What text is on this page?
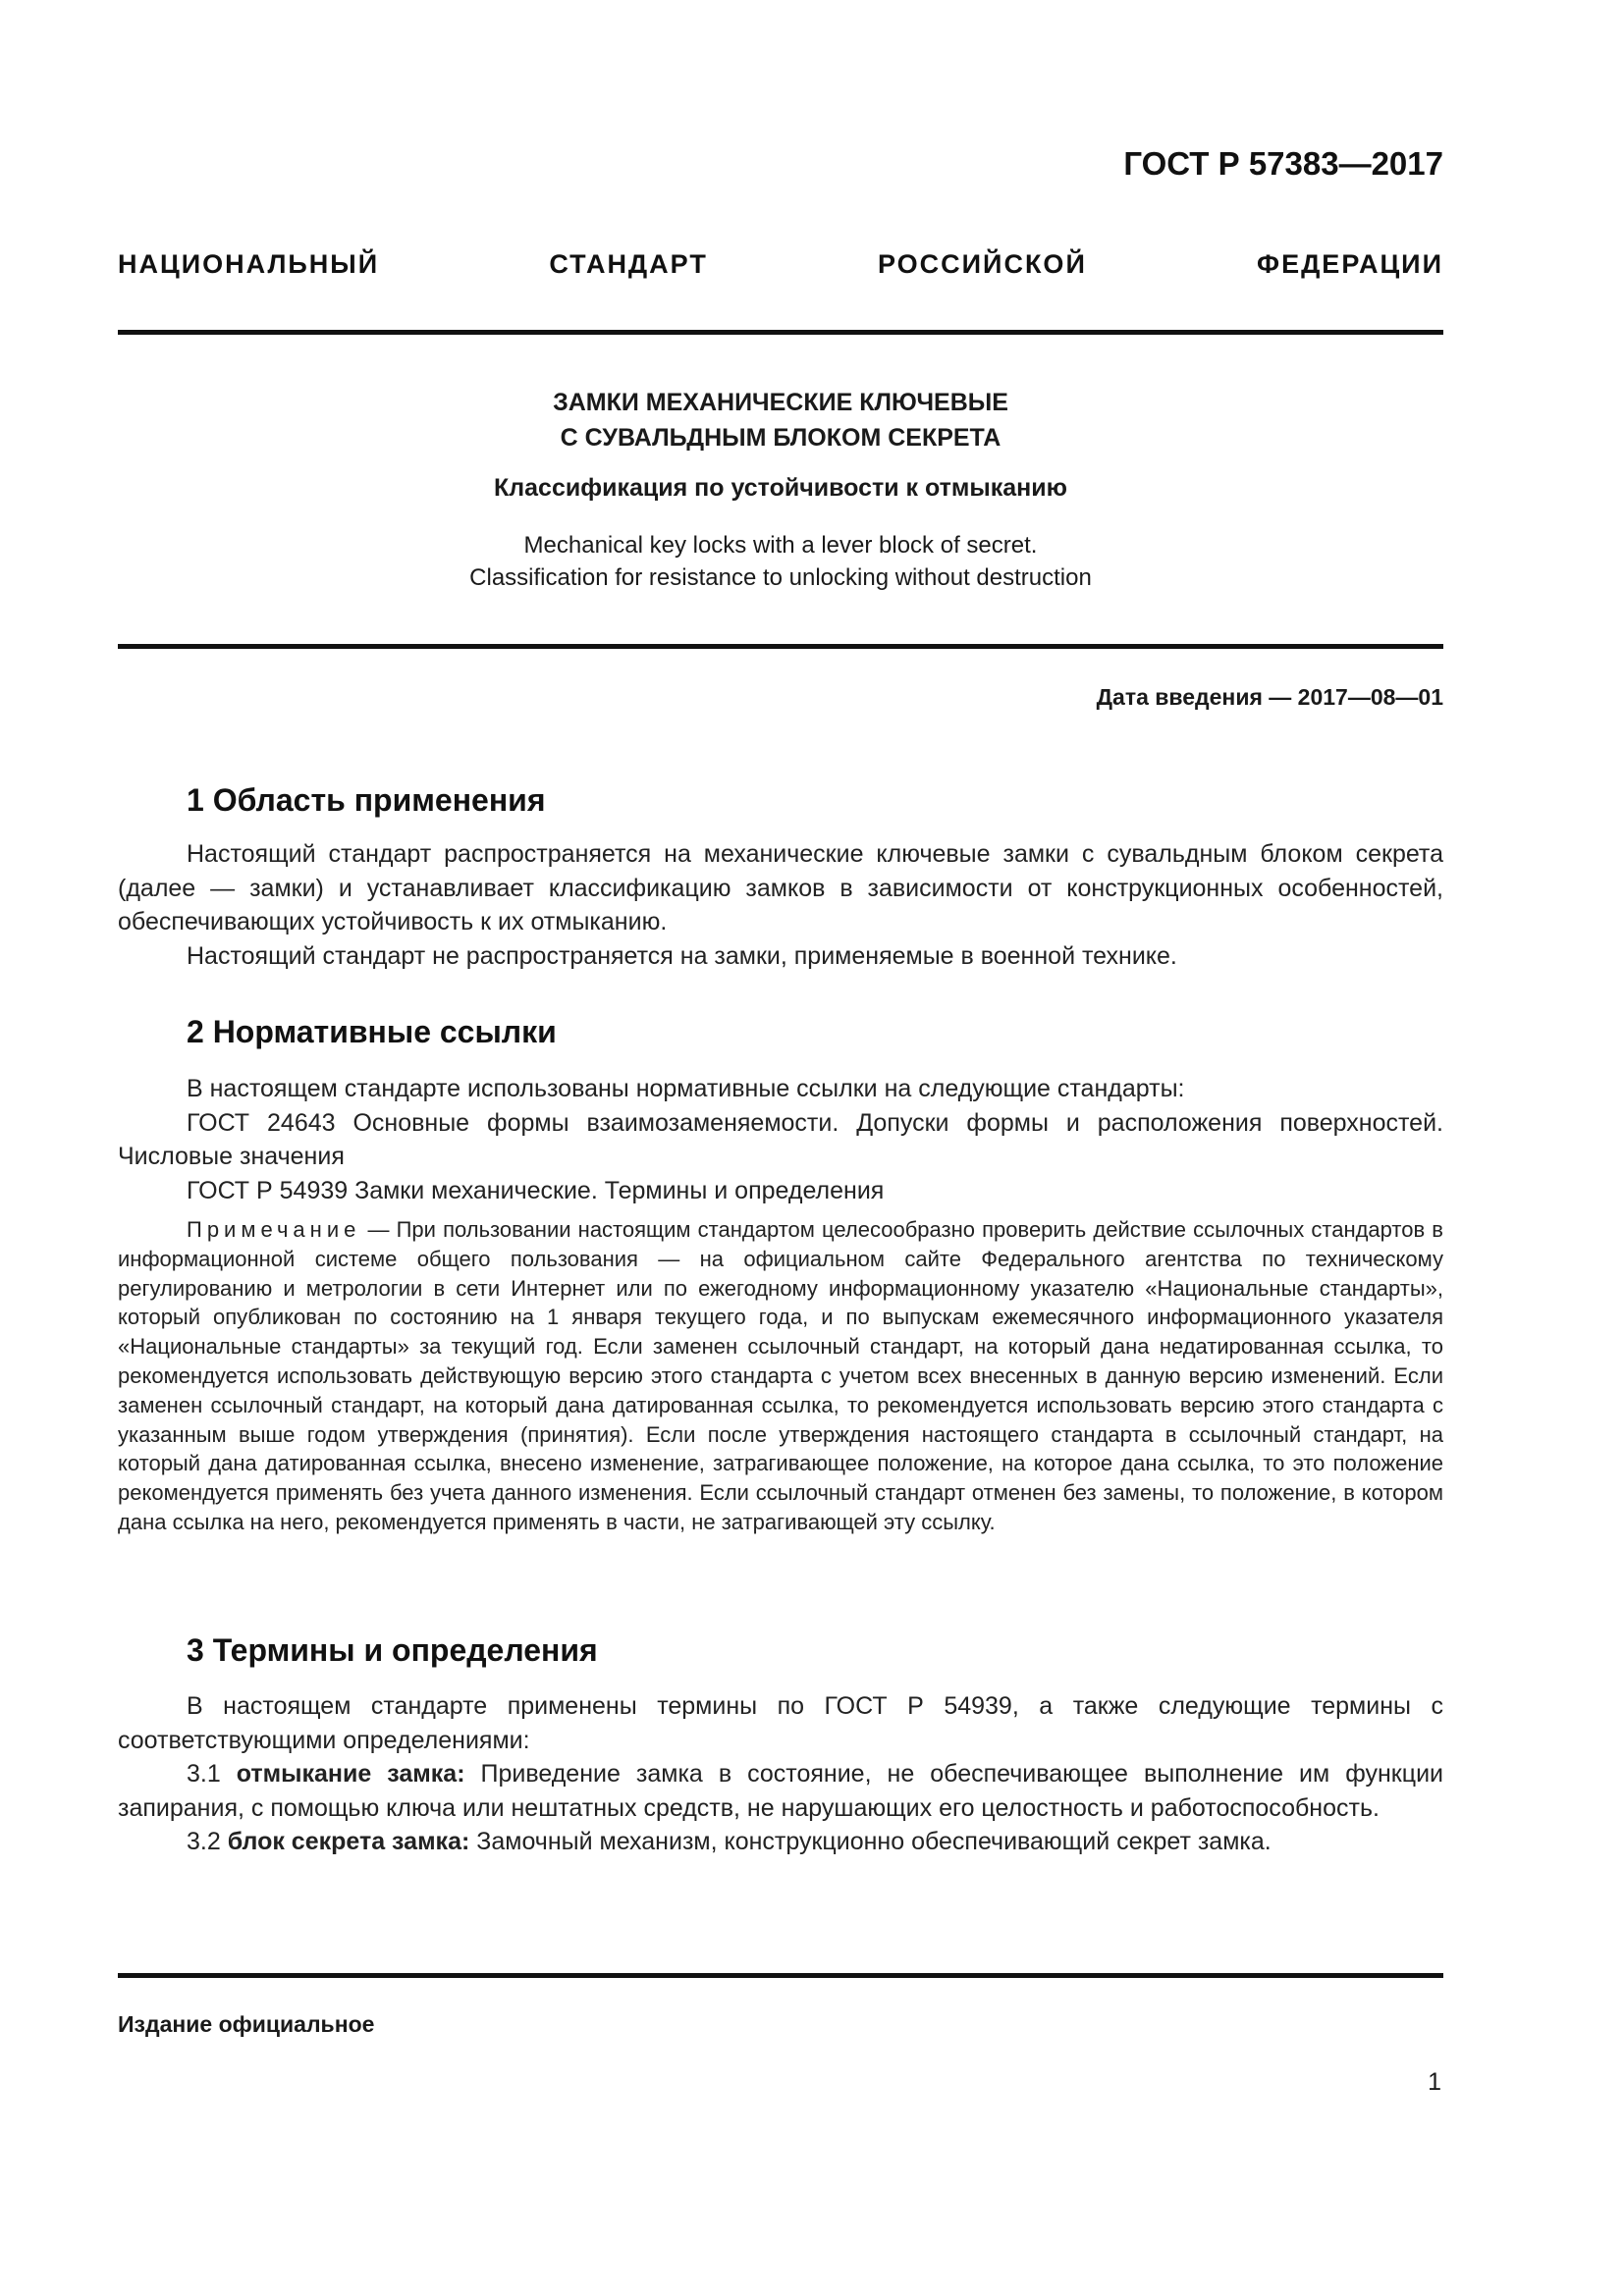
ГОСТ Р 57383—2017
НАЦИОНАЛЬНЫЙ СТАНДАРТ РОССИЙСКОЙ ФЕДЕРАЦИИ
ЗАМКИ МЕХАНИЧЕСКИЕ КЛЮЧЕВЫЕ
С СУВАЛЬДНЫМ БЛОКОМ СЕКРЕТА
Классификация по устойчивости к отмыканию
Mechanical key locks with a lever block of secret.
Classification for resistance to unlocking without destruction
Дата введения — 2017—08—01
1 Область применения

Настоящий стандарт распространяется на механические ключевые замки с сувальдным блоком секрета (далее — замки) и устанавливает классификацию замков в зависимости от конструкционных особенностей, обеспечивающих устойчивость к их отмыканию.

Настоящий стандарт не распространяется на замки, применяемые в военной технике.

2 Нормативные ссылки

В настоящем стандарте использованы нормативные ссылки на следующие стандарты:

ГОСТ 24643 Основные формы взаимозаменяемости. Допуски формы и расположения поверхностей. Числовые значения

ГОСТ Р 54939 Замки механические. Термины и определения

Примечание — При пользовании настоящим стандартом целесообразно проверить действие ссылочных стандартов в информационной системе общего пользования — на официальном сайте Федерального агентства по техническому регулированию и метрологии в сети Интернет или по ежегодному информационному указателю «Национальные стандарты», который опубликован по состоянию на 1 января текущего года, и по выпускам ежемесячного информационного указателя «Национальные стандарты» за текущий год. Если заменен ссылочный стандарт, на который дана недатированная ссылка, то рекомендуется использовать действующую версию этого стандарта с учетом всех внесенных в данную версию изменений. Если заменен ссылочный стандарт, на который дана датированная ссылка, то рекомендуется использовать версию этого стандарта с указанным выше годом утверждения (принятия). Если после утверждения настоящего стандарта в ссылочный стандарт, на который дана датированная ссылка, внесено изменение, затрагивающее положение, на которое дана ссылка, то это положение рекомендуется применять без учета данного изменения. Если ссылочный стандарт отменен без замены, то положение, в котором дана ссылка на него, рекомендуется применять в части, не затрагивающей эту ссылку.

3 Термины и определения

В настоящем стандарте применены термины по ГОСТ Р 54939, а также следующие термины с соответствующими определениями:

3.1 отмыкание замка: Приведение замка в состояние, не обеспечивающее выполнение им функции запирания, с помощью ключа или нештатных средств, не нарушающих его целостность и работоспособность.

3.2 блок секрета замка: Замочный механизм, конструкционно обеспечивающий секрет замка.

Издание официальное
1
